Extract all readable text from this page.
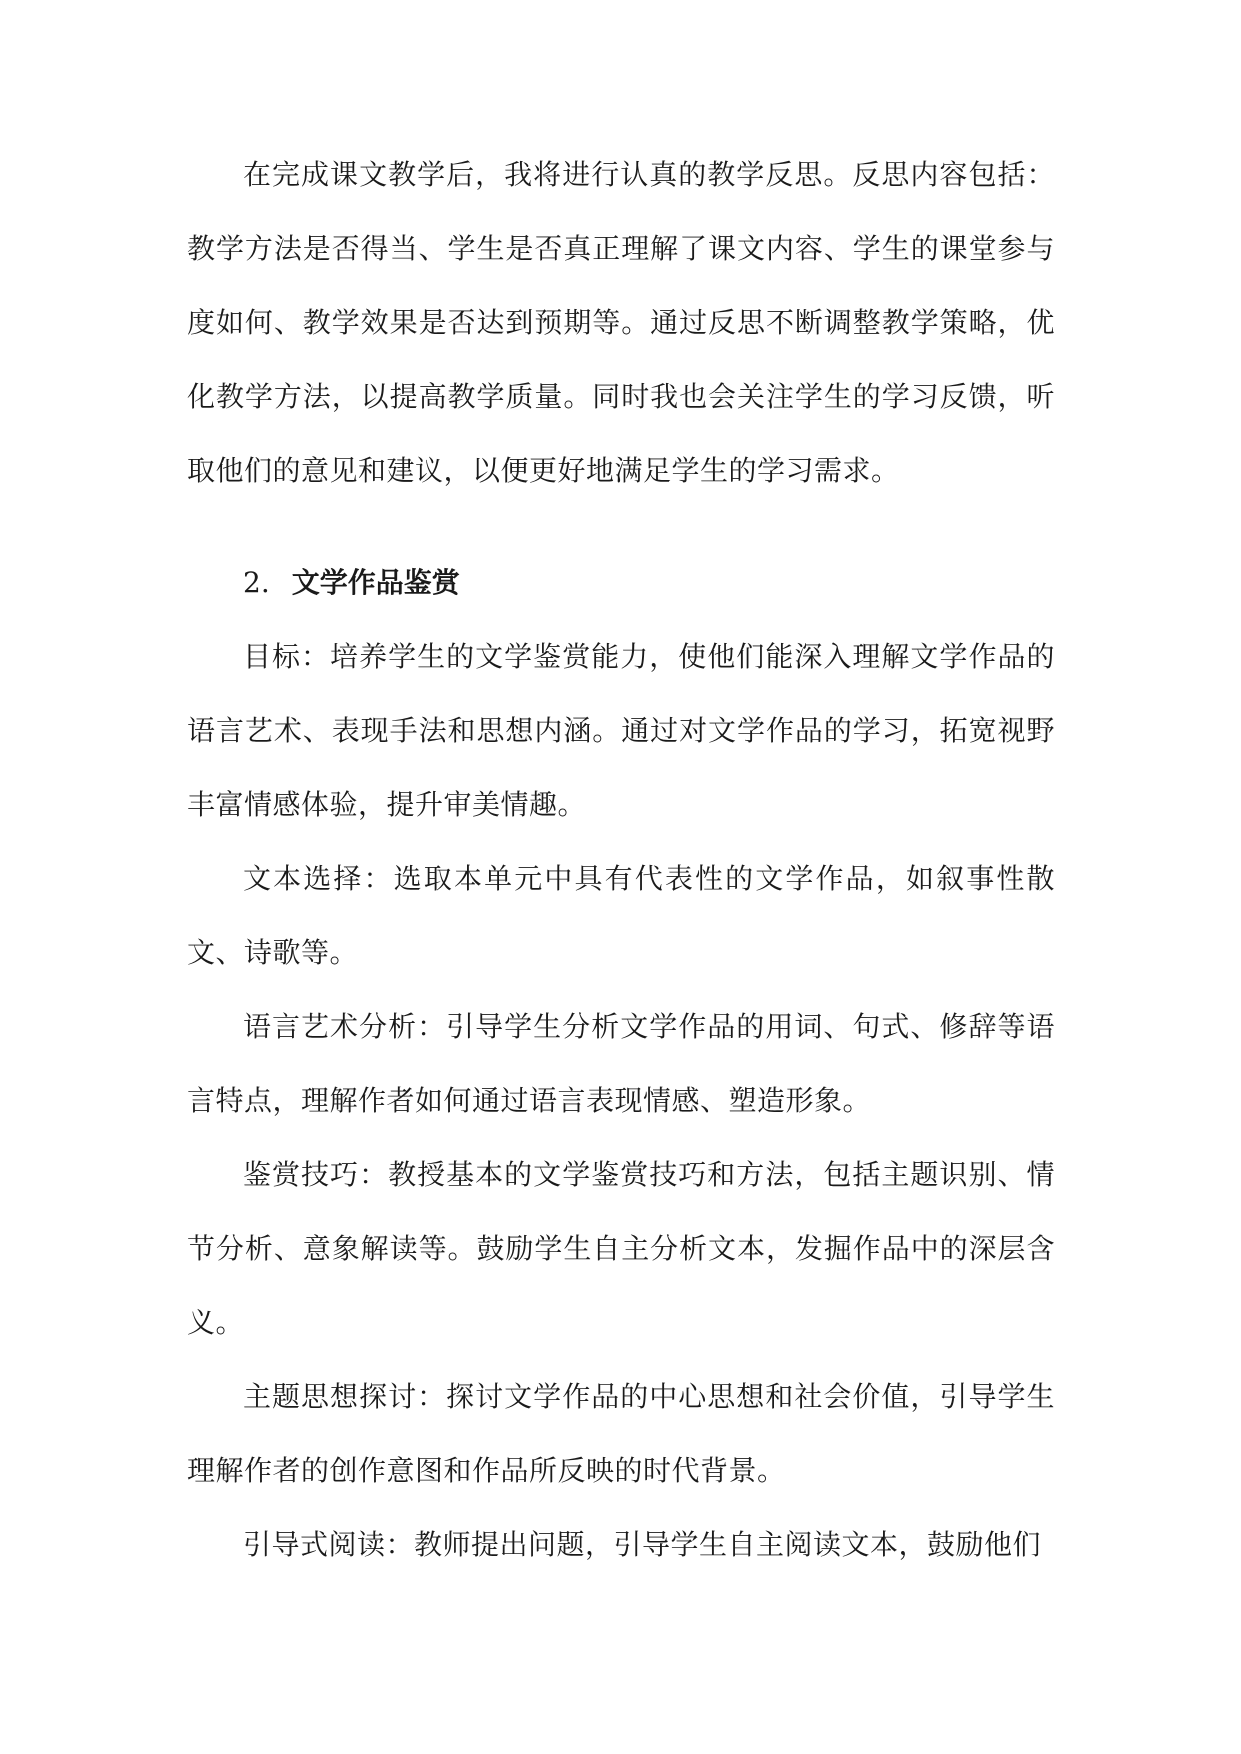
在完成课文教学后，我将进行认真的教学反思。反思内容包括：教学方法是否得当、学生是否真正理解了课文内容、学生的课堂参与度如何、教学效果是否达到预期等。通过反思不断调整教学策略，优化教学方法，以提高教学质量。同时我也会关注学生的学习反馈，听取他们的意见和建议，以便更好地满足学生的学习需求。

2. 文学作品鉴赏

目标：培养学生的文学鉴赏能力，使他们能深入理解文学作品的语言艺术、表现手法和思想内涵。通过对文学作品的学习，拓宽视野丰富情感体验，提升审美情趣。

文本选择：选取本单元中具有代表性的文学作品，如叙事性散文、诗歌等。

语言艺术分析：引导学生分析文学作品的用词、句式、修辞等语言特点，理解作者如何通过语言表现情感、塑造形象。

鉴赏技巧：教授基本的文学鉴赏技巧和方法，包括主题识别、情节分析、意象解读等。鼓励学生自主分析文本，发掘作品中的深层含义。

主题思想探讨：探讨文学作品的中心思想和社会价值，引导学生理解作者的创作意图和作品所反映的时代背景。

引导式阅读：教师提出问题，引导学生自主阅读文本，鼓励他们
